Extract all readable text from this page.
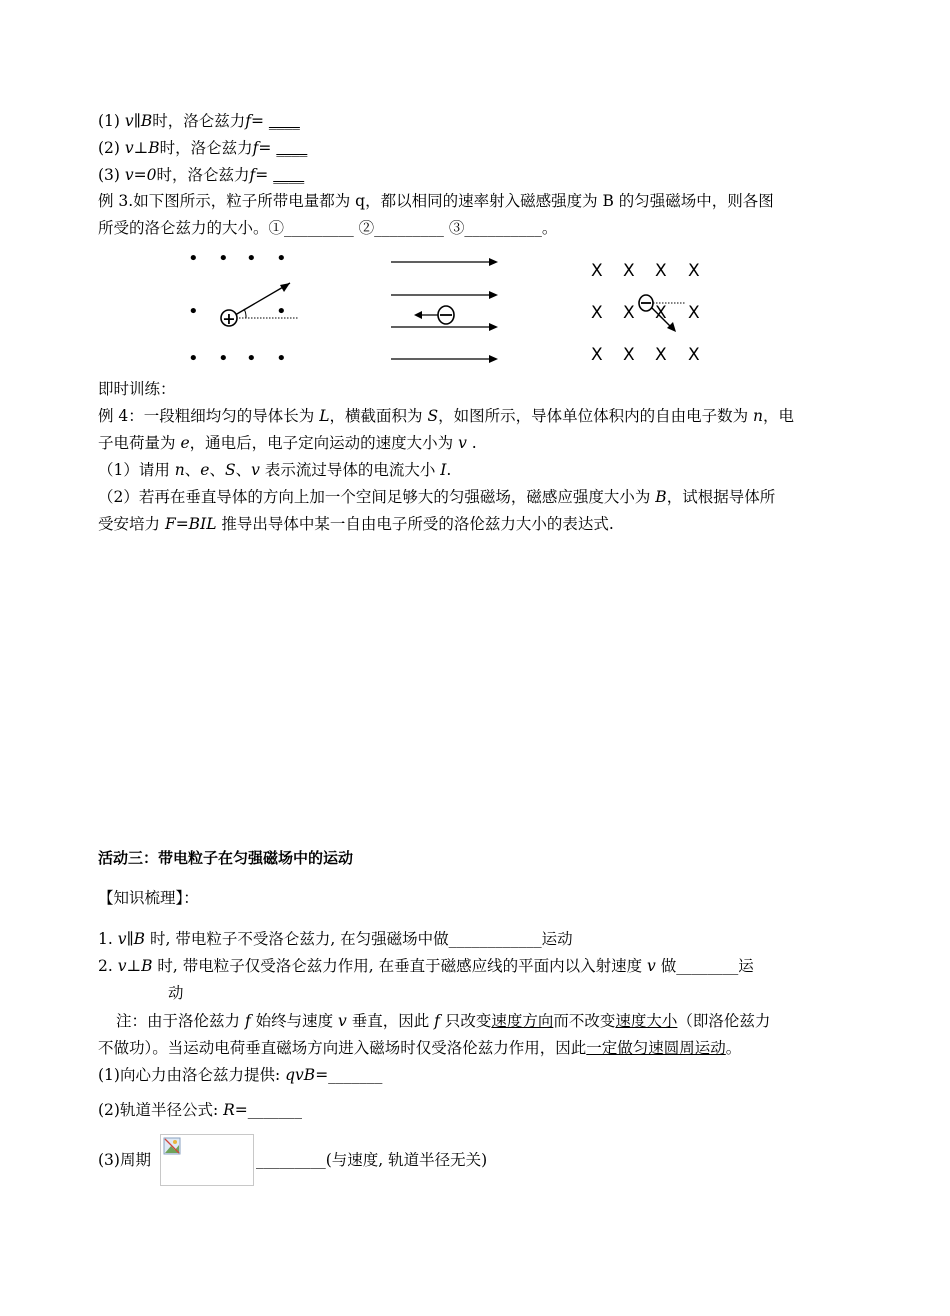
(1) v∥B时，洛仑兹力f= ____
(2) v⊥B时，洛仑兹力f= ____
(3) v=0时，洛仑兹力f= ____
例 3.如下图所示，粒子所带电量都为 q，都以相同的速率射入磁感强度为 B 的匀强磁场中，则各图
所受的洛仑兹力的大小。①_________ ②_________ ③__________。
• • • •
•	•
• • • •
+
X X X X
X X X X
X X X X
即时训练：
例 4：一段粗细均匀的导体长为 L，横截面积为 S，如图所示，导体单位体积内的自由电子数为 n，电
子电荷量为 e，通电后，电子定向运动的速度大小为 v .
（1）请用 n、e、S、v 表示流过导体的电流大小 I.
（2）若再在垂直导体的方向上加一个空间足够大的匀强磁场，磁感应强度大小为 B，试根据导体所
受安培力 F=BIL 推导出导体中某一自由电子所受的洛伦兹力大小的表达式.
活动三：带电粒子在匀强磁场中的运动
【知识梳理】：
1. v∥B 时, 带电粒子不受洛仑兹力, 在匀强磁场中做____________运动
2. v⊥B 时, 带电粒子仅受洛仑兹力作用, 在垂直于磁感应线的平面内以入射速度 v 做________运
动
注：由于洛伦兹力 f 始终与速度 v 垂直，因此 f 只改变速度方向而不改变速度大小（即洛伦兹力
不做功）。当运动电荷垂直磁场方向进入磁场时仅受洛伦兹力作用，因此一定做匀速圆周运动。
(1)向心力由洛仑兹力提供: qvB=_______
(2)轨道半径公式: R=_______
(3)周期	_________(与速度, 轨道半径无关)
